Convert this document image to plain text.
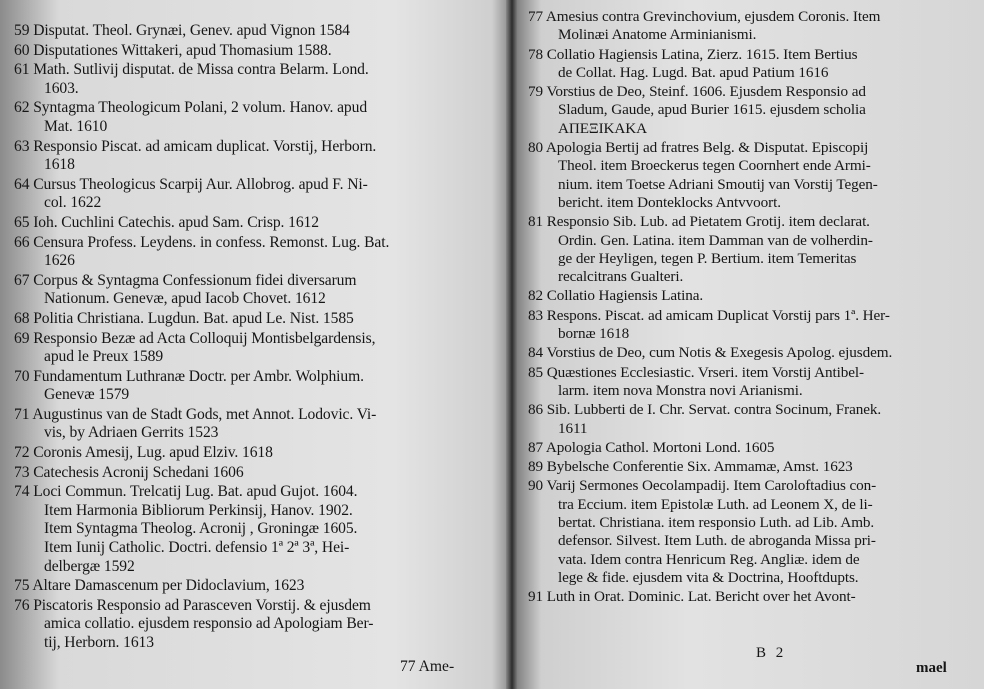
59 Disputat. Theol. Grynæi, Genev. apud Vignon 1584
60 Disputationes Wittakeri, apud Thomasium 1588.
61 Math. Sutlivij disputat. de Missa contra Belarm. Lond.
1603.
62 Syntagma Theologicum Polani, 2 volum. Hanov. apud
Mat. 1610
63 Responsio Piscat. ad amicam duplicat. Vorstij, Herborn.
1618
64 Cursus Theologicus Scarpij Aur. Allobrog. apud F. Ni-
col. 1622
65 Ioh. Cuchlini Catechis. apud Sam. Crisp. 1612
66 Censura Profess. Leydens. in confess. Remonst. Lug. Bat.
1626
67 Corpus & Syntagma Confessionum fidei diversarum
Nationum. Genevæ, apud Iacob Chovet. 1612
68 Politia Christiana. Lugdun. Bat. apud Le. Nist. 1585
69 Responsio Bezæ ad Acta Colloquij Montisbelgardensis,
apud le Preux 1589
70 Fundamentum Luthranæ Doctr. per Ambr. Wolphium.
Genevæ 1579
71 Augustinus van de Stadt Gods, met Annot. Lodovic. Vi-
vis, by Adriaen Gerrits 1523
72 Coronis Amesij, Lug. apud Elziv. 1618
73 Catechesis Acronij Schedani 1606
74 Loci Commun. Trelcatij Lug. Bat. apud Gujot. 1604.
Item Harmonia Bibliorum Perkinsij, Hanov. 1902.
Item Syntagma Theolog. Acronij , Groningæ 1605.
Item Iunij Catholic. Doctri. defensio 1ª 2ª 3ª, Hei-
delbergæ 1592
75 Altare Damascenum per Didoclavium, 1623
76 Piscatoris Responsio ad Parasceven Vorstij. & ejusdem
amica collatio. ejusdem responsio ad Apologiam Ber-
tij, Herborn. 1613
77 Amesius contra Grevinchovium, ejusdem Coronis. Item
Molinæi Anatome Arminianismi.
78 Collatio Hagiensis Latina, Zierz. 1615. Item Bertius
de Collat. Hag. Lugd. Bat. apud Patium 1616
79 Vorstius de Deo, Steinf. 1606. Ejusdem Responsio ad
Sladum, Gaude, apud Burier 1615. ejusdem scholia
ΑΠΕΞΙΚΑΚΑ
80 Apologia Bertij ad fratres Belg. & Disputat. Episcopij
Theol. item Broeckerus tegen Coornhert ende Armi-
nium. item Toetse Adriani Smoutij van Vorstij Tegen-
bericht. item Donteklocks Antvvoort.
81 Responsio Sib. Lub. ad Pietatem Grotij. item declarat.
Ordin. Gen. Latina. item Damman van de volherdin-
ge der Heyligen, tegen P. Bertium. item Temeritas
recalcitrans Gualteri.
82 Collatio Hagiensis Latina.
83 Respons. Piscat. ad amicam Duplicat Vorstij pars 1ª. Her-
bornæ 1618
84 Vorstius de Deo, cum Notis & Exegesis Apolog. ejusdem.
85 Quæstiones Ecclesiastic. Vrseri. item Vorstij Antibel-
larm. item nova Monstra novi Arianismi.
86 Sib. Lubberti de I. Chr. Servat. contra Socinum, Franek.
1611
87 Apologia Cathol. Mortoni Lond. 1605
89 Bybelsche Conferentie Six. Ammamæ, Amst. 1623
90 Varij Sermones Oecolampadij. Item Caroloftadius con-
tra Eccium. item Epistolæ Luth. ad Leonem X, de li-
bertat. Christiana. item responsio Luth. ad Lib. Amb.
defensor. Silvest. Item Luth. de abroganda Missa pri-
vata. Idem contra Henricum Reg. Angliæ. idem de
lege & fide. ejusdem vita & Doctrina, Hooftdupts.
91 Luth in Orat. Dominic. Lat. Bericht over het Avont-
77 Ame-
B 2
mael
